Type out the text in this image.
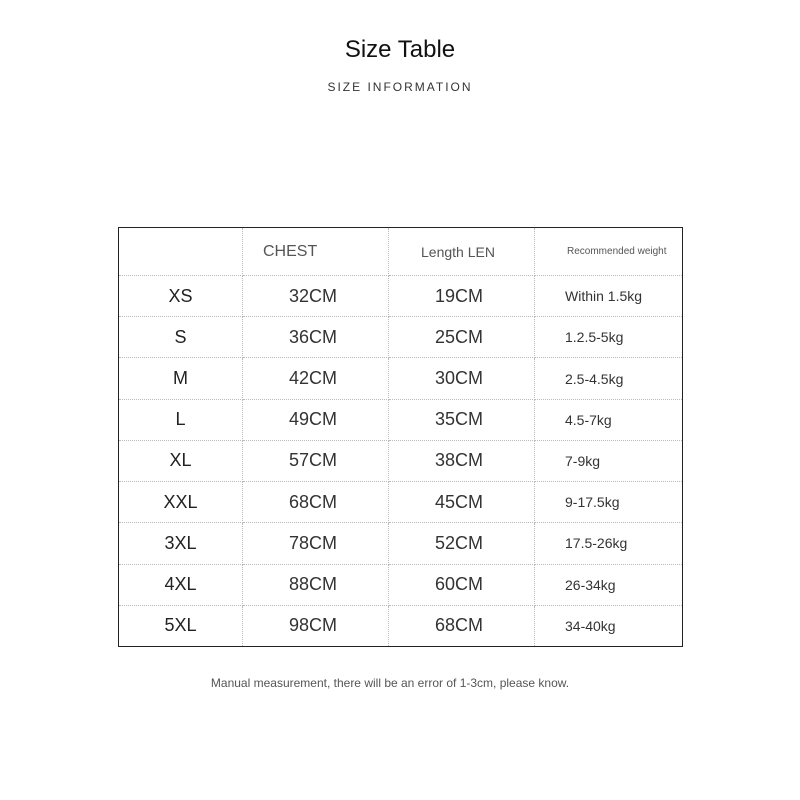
Size Table
SIZE INFORMATION
	CHEST	Length LEN	Recommended weight
XS	32CM	19CM	Within 1.5kg
S	36CM	25CM	1.2.5-5kg
M	42CM	30CM	2.5-4.5kg
L	49CM	35CM	4.5-7kg
XL	57CM	38CM	7-9kg
XXL	68CM	45CM	9-17.5kg
3XL	78CM	52CM	17.5-26kg
4XL	88CM	60CM	26-34kg
5XL	98CM	68CM	34-40kg
Manual measurement, there will be an error of 1-3cm, please know.
